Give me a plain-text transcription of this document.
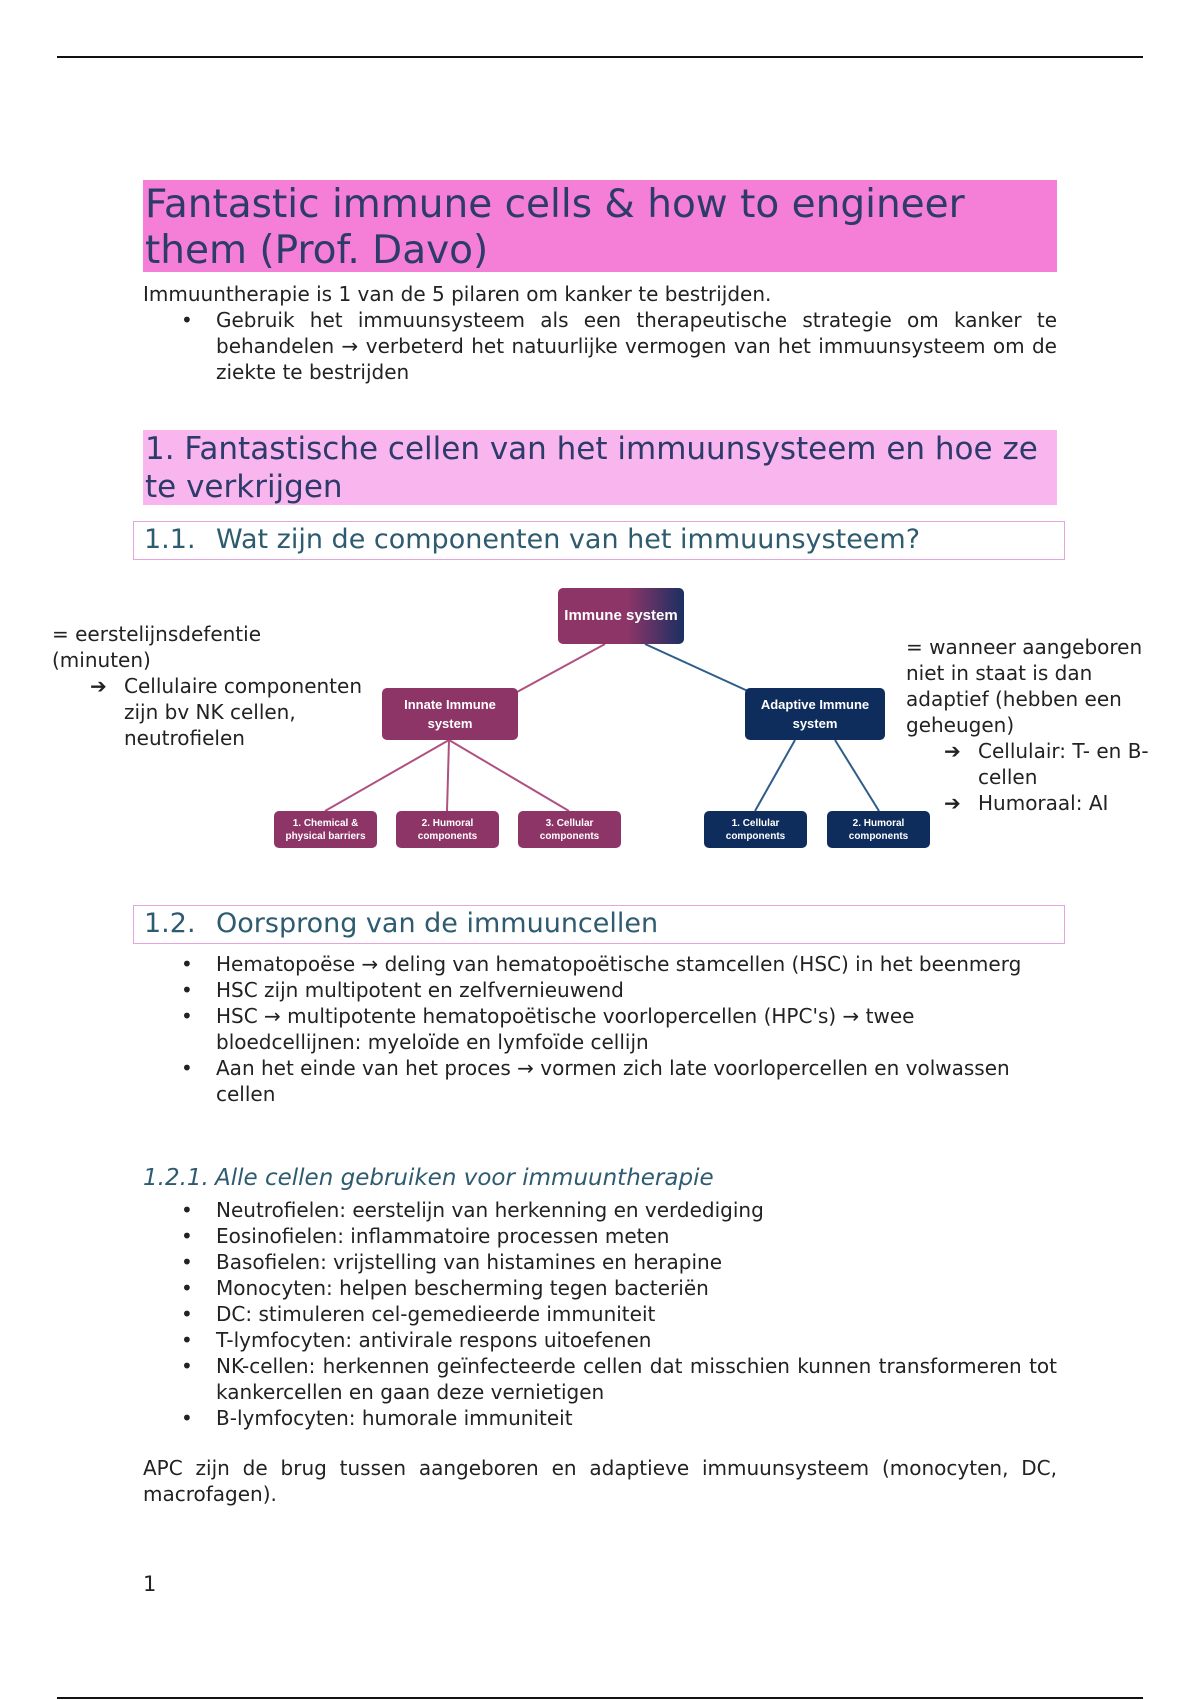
Fantastic immune cells & how to engineer them (Prof. Davo)
Immuuntherapie is 1 van de 5 pilaren om kanker te bestrijden.
• Gebruik het immuunsysteem als een therapeutische strategie om kanker te behandelen → verbeterd het natuurlijke vermogen van het immuunsysteem om de ziekte te bestrijden
1. Fantastische cellen van het immuunsysteem en hoe ze te verkrijgen
1.1. Wat zijn de componenten van het immuunsysteem?
= eerstelijnsdefentie
(minuten)
➔ Cellulaire componenten zijn bv NK cellen, neutrofielen
Immune system
Innate Immune system
Adaptive Immune system
1. Chemical & physical barriers
2. Humoral components
3. Cellular components
1. Cellular components
2. Humoral components
= wanneer aangeboren
niet in staat is dan
adaptief (hebben een
geheugen)
➔ Cellulair: T- en B-cellen
➔ Humoraal: AI
1.2. Oorsprong van de immuuncellen
• Hematopoëse → deling van hematopoëtische stamcellen (HSC) in het beenmerg
• HSC zijn multipotent en zelfvernieuwend
• HSC → multipotente hematopoëtische voorlopercellen (HPC's) → twee bloedcellijnen: myeloïde en lymfoïde cellijn
• Aan het einde van het proces → vormen zich late voorlopercellen en volwassen cellen
1.2.1. Alle cellen gebruiken voor immuuntherapie
• Neutrofielen: eerstelijn van herkenning en verdediging
• Eosinofielen: inflammatoire processen meten
• Basofielen: vrijstelling van histamines en herapine
• Monocyten: helpen bescherming tegen bacteriën
• DC: stimuleren cel-gemedieerde immuniteit
• T-lymfocyten: antivirale respons uitoefenen
• NK-cellen: herkennen geïnfecteerde cellen dat misschien kunnen transformeren tot kankercellen en gaan deze vernietigen
• B-lymfocyten: humorale immuniteit
APC zijn de brug tussen aangeboren en adaptieve immuunsysteem (monocyten, DC, macrofagen).
1
